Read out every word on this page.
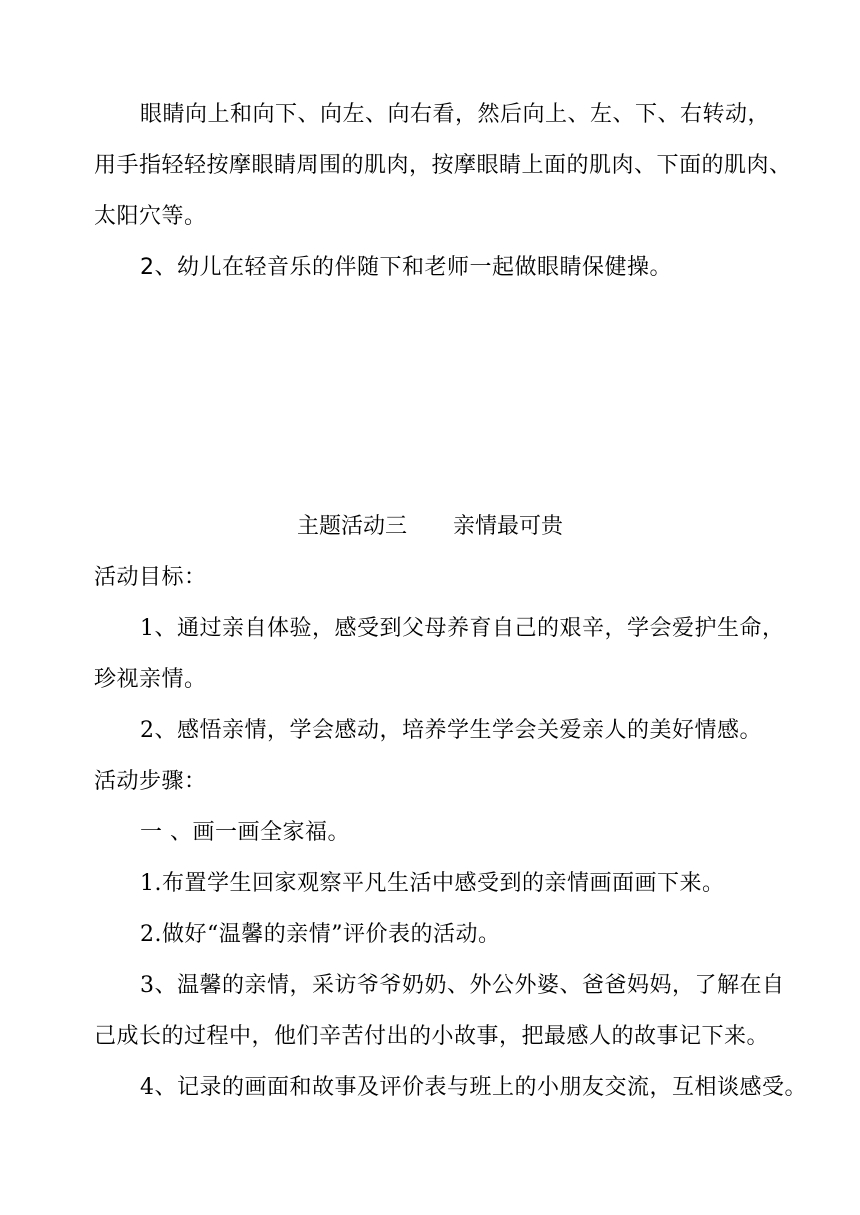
眼睛向上和向下、向左、向右看，然后向上、左、下、右转动，
用手指轻轻按摩眼睛周围的肌肉，按摩眼睛上面的肌肉、下面的肌肉、
太阳穴等。
2、幼儿在轻音乐的伴随下和老师一起做眼睛保健操。
主题活动三 亲情最可贵
活动目标：
1、通过亲自体验，感受到父母养育自己的艰辛，学会爱护生命，
珍视亲情。
2、感悟亲情，学会感动，培养学生学会关爱亲人的美好情感。
活动步骤：
一 、画一画全家福。
1.布置学生回家观察平凡生活中感受到的亲情画面画下来。
2.做好“温馨的亲情”评价表的活动。
3、温馨的亲情，采访爷爷奶奶、外公外婆、爸爸妈妈，了解在自
己成长的过程中，他们辛苦付出的小故事，把最感人的故事记下来。
4、记录的画面和故事及评价表与班上的小朋友交流，互相谈感受。
